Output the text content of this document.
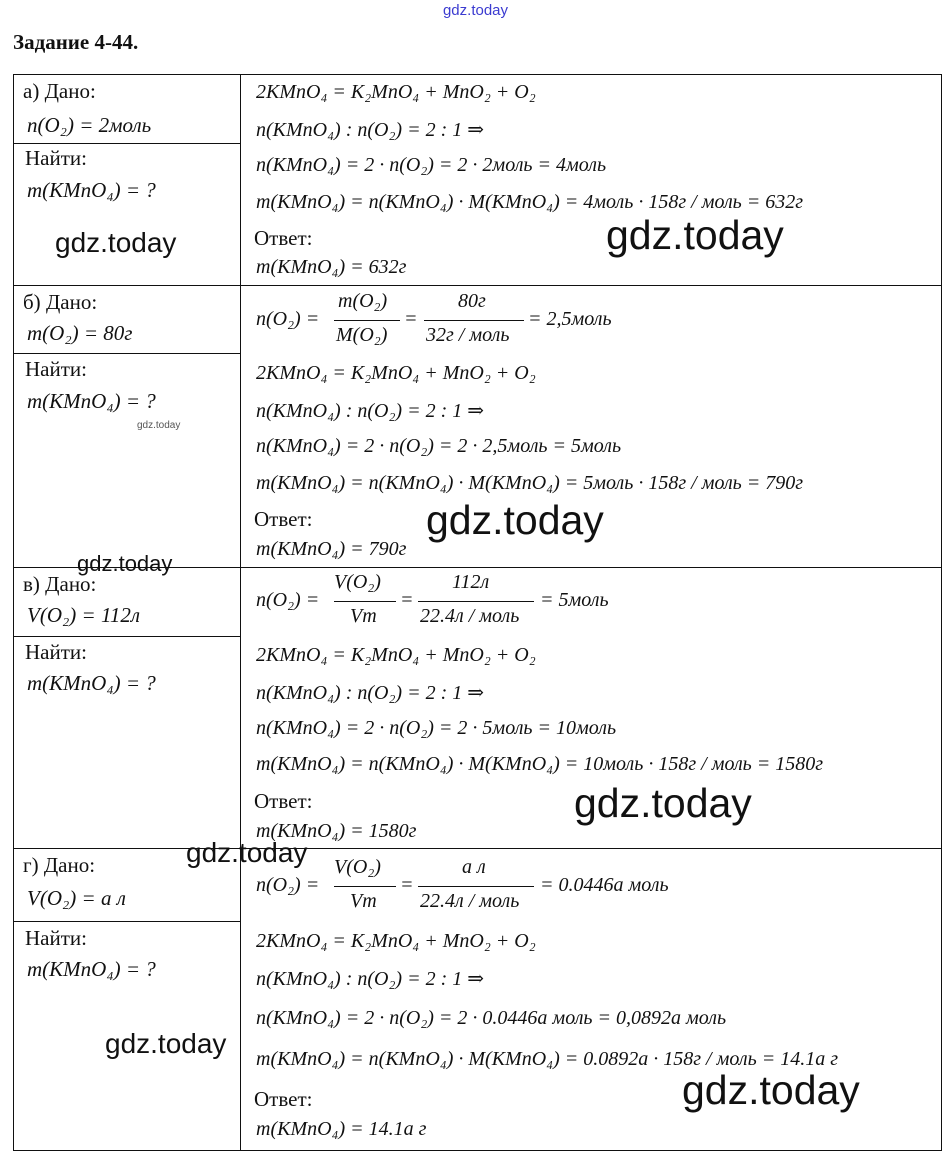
gdz.today
Задание 4-44.
а) Дано:
n(O₂) = 2моль
Найти:
m(KMnO₄) = ?
2KMnO₄ = K₂MnO₄ + MnO₂ + O₂
n(KMnO₄) : n(O₂) = 2 : 1 ⇒
n(KMnO₄) = 2 · n(O₂) = 2 · 2моль = 4моль
m(KMnO₄) = n(KMnO₄) · M(KMnO₄) = 4моль · 158г / моль = 632г
Ответ:
m(KMnO₄) = 632г
б) Дано:
m(O₂) = 80г
Найти:
m(KMnO₄) = ?
n(O₂) =
m(O₂)
M(O₂)
=
80г
32г / моль
= 2,5моль
2KMnO₄ = K₂MnO₄ + MnO₂ + O₂
n(KMnO₄) : n(O₂) = 2 : 1 ⇒
n(KMnO₄) = 2 · n(O₂) = 2 · 2,5моль = 5моль
m(KMnO₄) = n(KMnO₄) · M(KMnO₄) = 5моль · 158г / моль = 790г
Ответ:
m(KMnO₄) = 790г
в) Дано:
V(O₂) = 112л
Найти:
m(KMnO₄) = ?
n(O₂) =
V(O₂)
Vm
=
112л
22.4л / моль
= 5моль
2KMnO₄ = K₂MnO₄ + MnO₂ + O₂
n(KMnO₄) : n(O₂) = 2 : 1 ⇒
n(KMnO₄) = 2 · n(O₂) = 2 · 5моль = 10моль
m(KMnO₄) = n(KMnO₄) · M(KMnO₄) = 10моль · 158г / моль = 1580г
Ответ:
m(KMnO₄) = 1580г
г) Дано:
V(O₂) = a л
Найти:
m(KMnO₄) = ?
n(O₂) =
V(O₂)
Vm
=
a л
22.4л / моль
= 0.0446a моль
2KMnO₄ = K₂MnO₄ + MnO₂ + O₂
n(KMnO₄) : n(O₂) = 2 : 1 ⇒
n(KMnO₄) = 2 · n(O₂) = 2 · 0.0446a моль = 0,0892a моль
m(KMnO₄) = n(KMnO₄) · M(KMnO₄) = 0.0892a · 158г / моль = 14.1a г
Ответ:
m(KMnO₄) = 14.1a г
gdz.today	gdz.today
gdz.today
gdz.today
gdz.today
gdz.today
gdz.today
gdz.today
gdz.today
